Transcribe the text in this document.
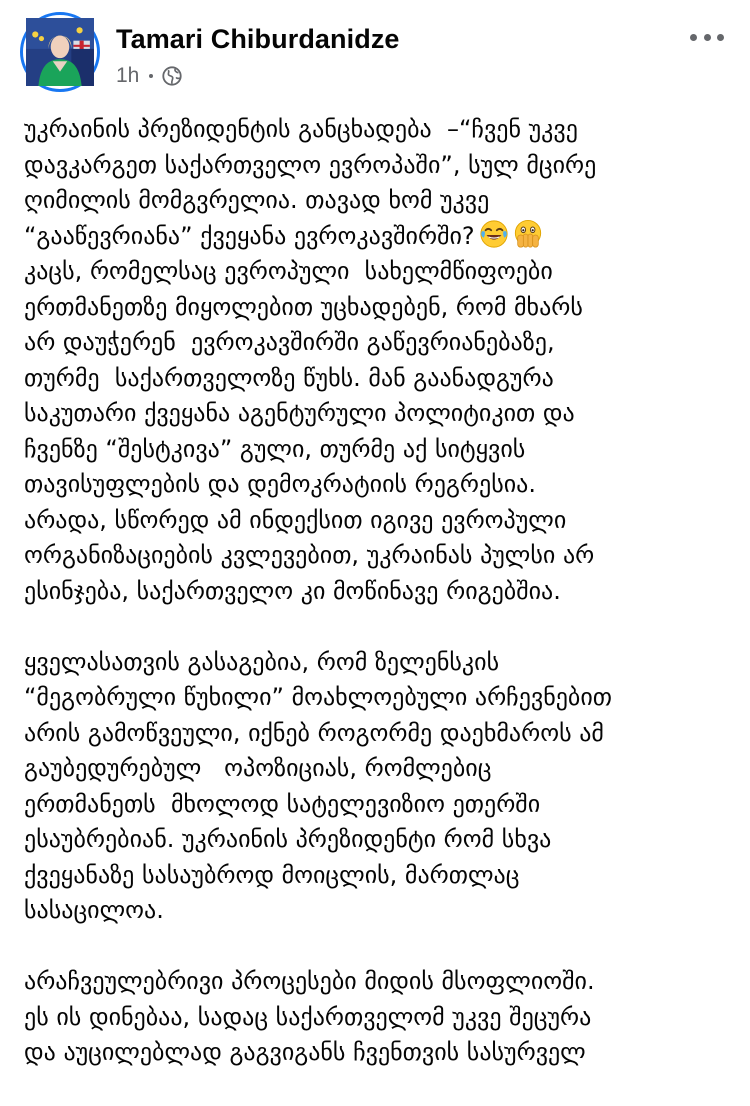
Tamari Chiburdanidze
1h

უკრაინის პრეზიდენტის განცხადება  –“ჩვენ უკვე
დავკარგეთ საქართველო ევროპაში”, სულ მცირე
ღიმილის მომგვრელია. თავად ხომ უკვე
“გააწევრიანა” ქვეყანა ევროკავშირში?
კაცს, რომელსაც ევროპული  სახელმწიფოები
ერთმანეთზე მიყოლებით უცხადებენ, რომ მხარს
არ დაუჭერენ  ევროკავშირში გაწევრიანებაზე,
თურმე  საქართველოზე წუხს. მან გაანადგურა
საკუთარი ქვეყანა აგენტურული პოლიტიკით და
ჩვენზე “შესტკივა” გული, თურმე აქ სიტყვის
თავისუფლების და დემოკრატიის რეგრესია.
არადა, სწორედ ამ ინდექსით იგივე ევროპული
ორგანიზაციების კვლევებით, უკრაინას პულსი არ
ესინჯება, საქართველო კი მოწინავე რიგებშია.

ყველასათვის გასაგებია, რომ ზელენსკის
“მეგობრული წუხილი” მოახლოებული არჩევნებით
არის გამოწვეული, იქნებ როგორმე დაეხმაროს ამ
გაუბედურებულ   ოპოზიციას, რომლებიც
ერთმანეთს  მხოლოდ სატელევიზიო ეთერში
ესაუბრებიან. უკრაინის პრეზიდენტი რომ სხვა
ქვეყანაზე სასაუბროდ მოიცლის, მართლაც
სასაცილოა.

არაჩვეულებრივი პროცესები მიდის მსოფლიოში.
ეს ის დინებაა, სადაც საქართველომ უკვე შეცურა
და აუცილებლად გაგვიგანს ჩვენთვის სასურველ
